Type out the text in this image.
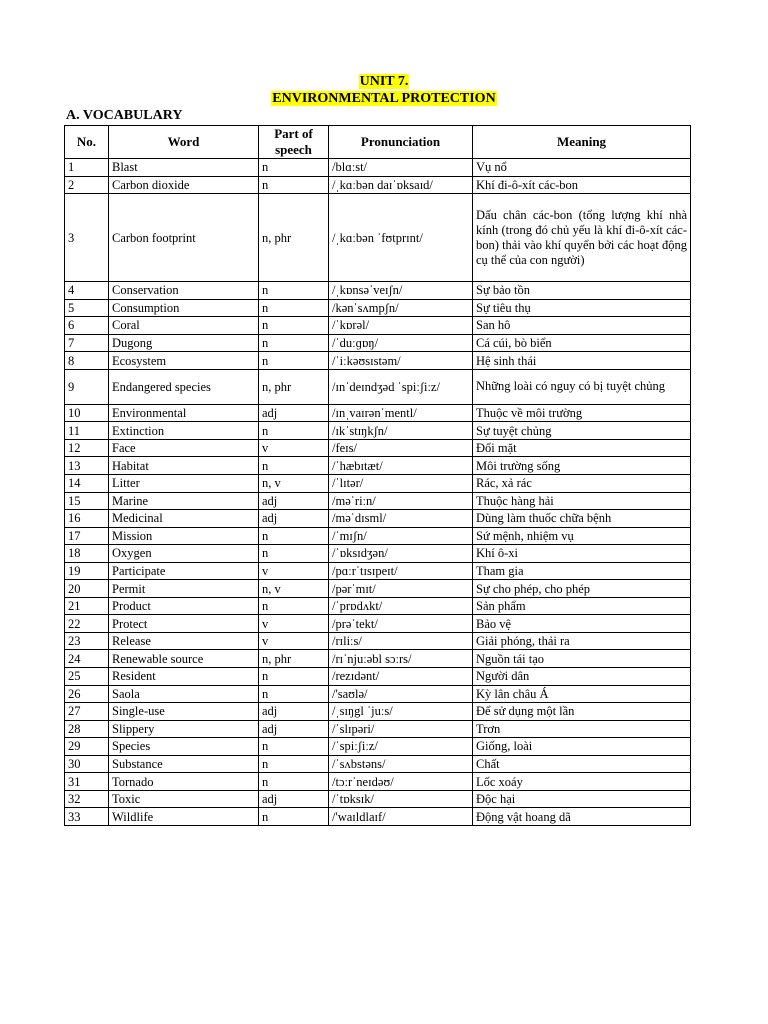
UNIT 7.
ENVIRONMENTAL PROTECTION
A. VOCABULARY
No.	Word	Part of speech	Pronunciation	Meaning
1	Blast	n	/blɑːst/	Vụ nổ
2	Carbon dioxide	n	/ˌkɑːbən daɪˈɒksaɪd/	Khí đi-ô-xít các-bon
3	Carbon footprint	n, phr	/ˌkɑːbən ˈfʊtprɪnt/	Dấu chân các-bon (tổng lượng khí nhà kính (trong đó chủ yếu là khí đi-ô-xít các-bon) thải vào khí quyển bởi các hoạt động cụ thể của con người)
4	Conservation	n	/ˌkɒnsəˈveɪʃn/	Sự bảo tồn
5	Consumption	n	/kənˈsʌmpʃn/	Sự tiêu thụ
6	Coral	n	/ˈkɒrəl/	San hô
7	Dugong	n	/ˈduːɡɒŋ/	Cá cúi, bò biển
8	Ecosystem	n	/ˈiːkəʊsɪstəm/	Hệ sinh thái
9	Endangered species	n, phr	/ɪnˈdeɪndʒəd ˈspiːʃiːz/	Những loài có nguy có bị tuyệt chủng
10	Environmental	adj	/ɪnˌvaɪrənˈmentl/	Thuộc về môi trường
11	Extinction	n	/ɪkˈstɪŋkʃn/	Sự tuyệt chủng
12	Face	v	/feɪs/	Đối mặt
13	Habitat	n	/ˈhæbɪtæt/	Môi trường sống
14	Litter	n, v	/ˈlɪtər/	Rác, xả rác
15	Marine	adj	/məˈriːn/	Thuộc hàng hải
16	Medicinal	adj	/məˈdɪsml/	Dùng làm thuốc chữa bệnh
17	Mission	n	/ˈmɪʃn/	Sứ mệnh, nhiệm vụ
18	Oxygen	n	/ˈɒksɪdʒən/	Khí ô-xi
19	Participate	v	/pɑːrˈtɪsɪpeɪt/	Tham gia
20	Permit	n, v	/pərˈmɪt/	Sự cho phép, cho phép
21	Product	n	/ˈprɒdʌkt/	Sản phẩm
22	Protect	v	/prəˈtekt/	Bảo vệ
23	Release	v	/rɪliːs/	Giải phóng, thải ra
24	Renewable source	n, phr	/rɪˈnjuːəbl sɔːrs/	Nguồn tái tạo
25	Resident	n	/rezɪdənt/	Người dân
26	Saola	n	/'saʊlə/	Kỳ lân châu Á
27	Single-use	adj	/ˌsɪŋgl ˈjuːs/	Để sử dụng một lần
28	Slippery	adj	/ˈslɪpəri/	Trơn
29	Species	n	/ˈspiːʃiːz/	Giống, loài
30	Substance	n	/ˈsʌbstəns/	Chất
31	Tornado	n	/tɔːrˈneɪdəʊ/	Lốc xoáy
32	Toxic	adj	/ˈtɒksɪk/	Độc hại
33	Wildlife	n	/'waɪldlaɪf/	Động vật hoang dã
